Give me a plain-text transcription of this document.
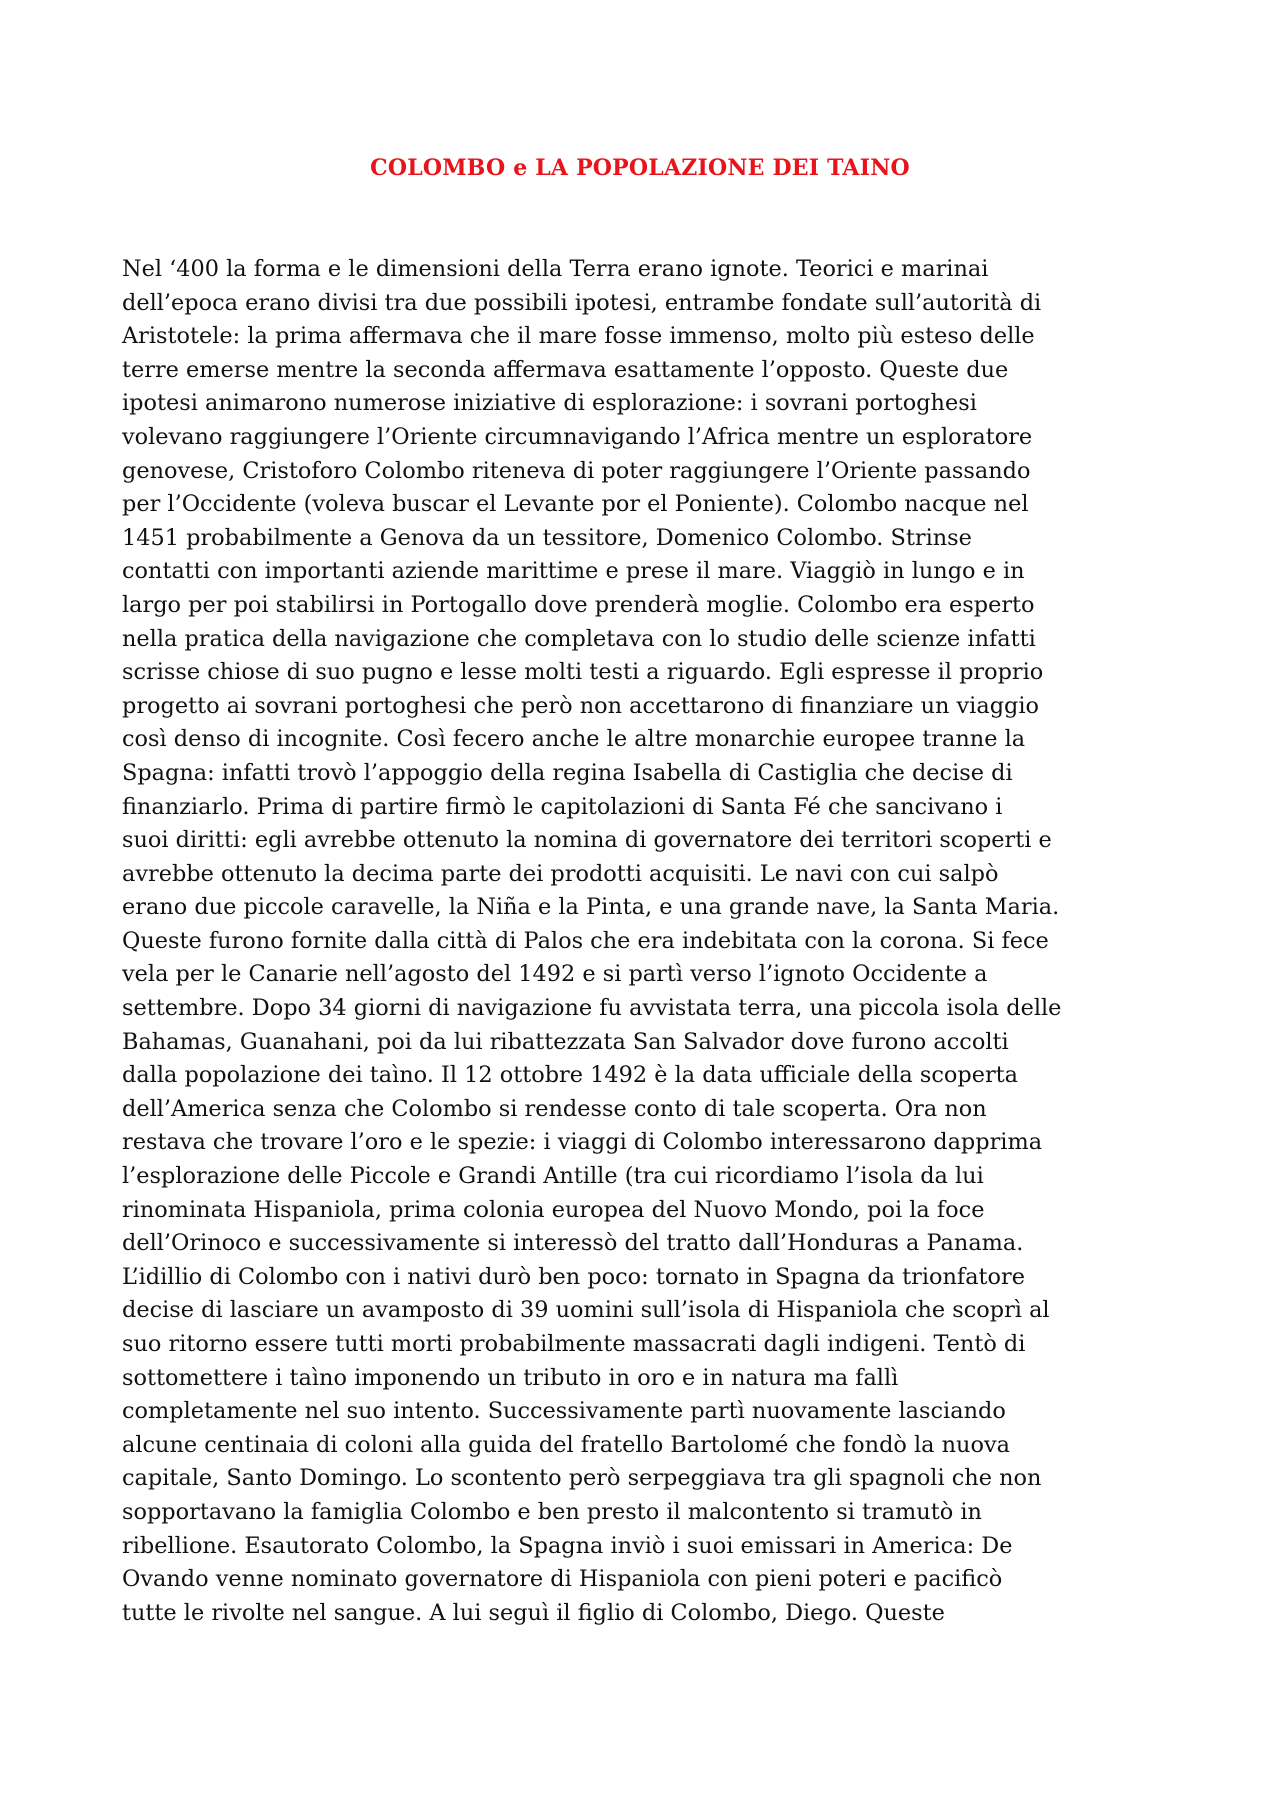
COLOMBO e LA POPOLAZIONE DEI TAINO
Nel ‘400 la forma e le dimensioni della Terra erano ignote. Teorici e marinai
dell’epoca erano divisi tra due possibili ipotesi, entrambe fondate sull’autorità di
Aristotele: la prima affermava che il mare fosse immenso, molto più esteso delle
terre emerse mentre la seconda affermava esattamente l’opposto. Queste due
ipotesi animarono numerose iniziative di esplorazione: i sovrani portoghesi
volevano raggiungere l’Oriente circumnavigando l’Africa mentre un esploratore
genovese, Cristoforo Colombo riteneva di poter raggiungere l’Oriente passando
per l’Occidente (voleva buscar el Levante por el Poniente). Colombo nacque nel
1451 probabilmente a Genova da un tessitore, Domenico Colombo. Strinse
contatti con importanti aziende marittime e prese il mare. Viaggiò in lungo e in
largo per poi stabilirsi in Portogallo dove prenderà moglie. Colombo era esperto
nella pratica della navigazione che completava con lo studio delle scienze infatti
scrisse chiose di suo pugno e lesse molti testi a riguardo. Egli espresse il proprio
progetto ai sovrani portoghesi che però non accettarono di finanziare un viaggio
così denso di incognite. Così fecero anche le altre monarchie europee tranne la
Spagna: infatti trovò l’appoggio della regina Isabella di Castiglia che decise di
finanziarlo. Prima di partire firmò le capitolazioni di Santa Fé che sancivano i
suoi diritti: egli avrebbe ottenuto la nomina di governatore dei territori scoperti e
avrebbe ottenuto la decima parte dei prodotti acquisiti. Le navi con cui salpò
erano due piccole caravelle, la Niña e la Pinta, e una grande nave, la Santa Maria.
Queste furono fornite dalla città di Palos che era indebitata con la corona. Si fece
vela per le Canarie nell’agosto del 1492 e si partì verso l’ignoto Occidente a
settembre. Dopo 34 giorni di navigazione fu avvistata terra, una piccola isola delle
Bahamas, Guanahani, poi da lui ribattezzata San Salvador dove furono accolti
dalla popolazione dei taìno. Il 12 ottobre 1492 è la data ufficiale della scoperta
dell’America senza che Colombo si rendesse conto di tale scoperta. Ora non
restava che trovare l’oro e le spezie: i viaggi di Colombo interessarono dapprima
l’esplorazione delle Piccole e Grandi Antille (tra cui ricordiamo l’isola da lui
rinominata Hispaniola, prima colonia europea del Nuovo Mondo, poi la foce
dell’Orinoco e successivamente si interessò del tratto dall’Honduras a Panama.
L’idillio di Colombo con i nativi durò ben poco: tornato in Spagna da trionfatore
decise di lasciare un avamposto di 39 uomini sull’isola di Hispaniola che scoprì al
suo ritorno essere tutti morti probabilmente massacrati dagli indigeni. Tentò di
sottomettere i taìno imponendo un tributo in oro e in natura ma fallì
completamente nel suo intento. Successivamente partì nuovamente lasciando
alcune centinaia di coloni alla guida del fratello Bartolomé che fondò la nuova
capitale, Santo Domingo. Lo scontento però serpeggiava tra gli spagnoli che non
sopportavano la famiglia Colombo e ben presto il malcontento si tramutò in
ribellione. Esautorato Colombo, la Spagna inviò i suoi emissari in America: De
Ovando venne nominato governatore di Hispaniola con pieni poteri e pacificò
tutte le rivolte nel sangue. A lui seguì il figlio di Colombo, Diego. Queste
